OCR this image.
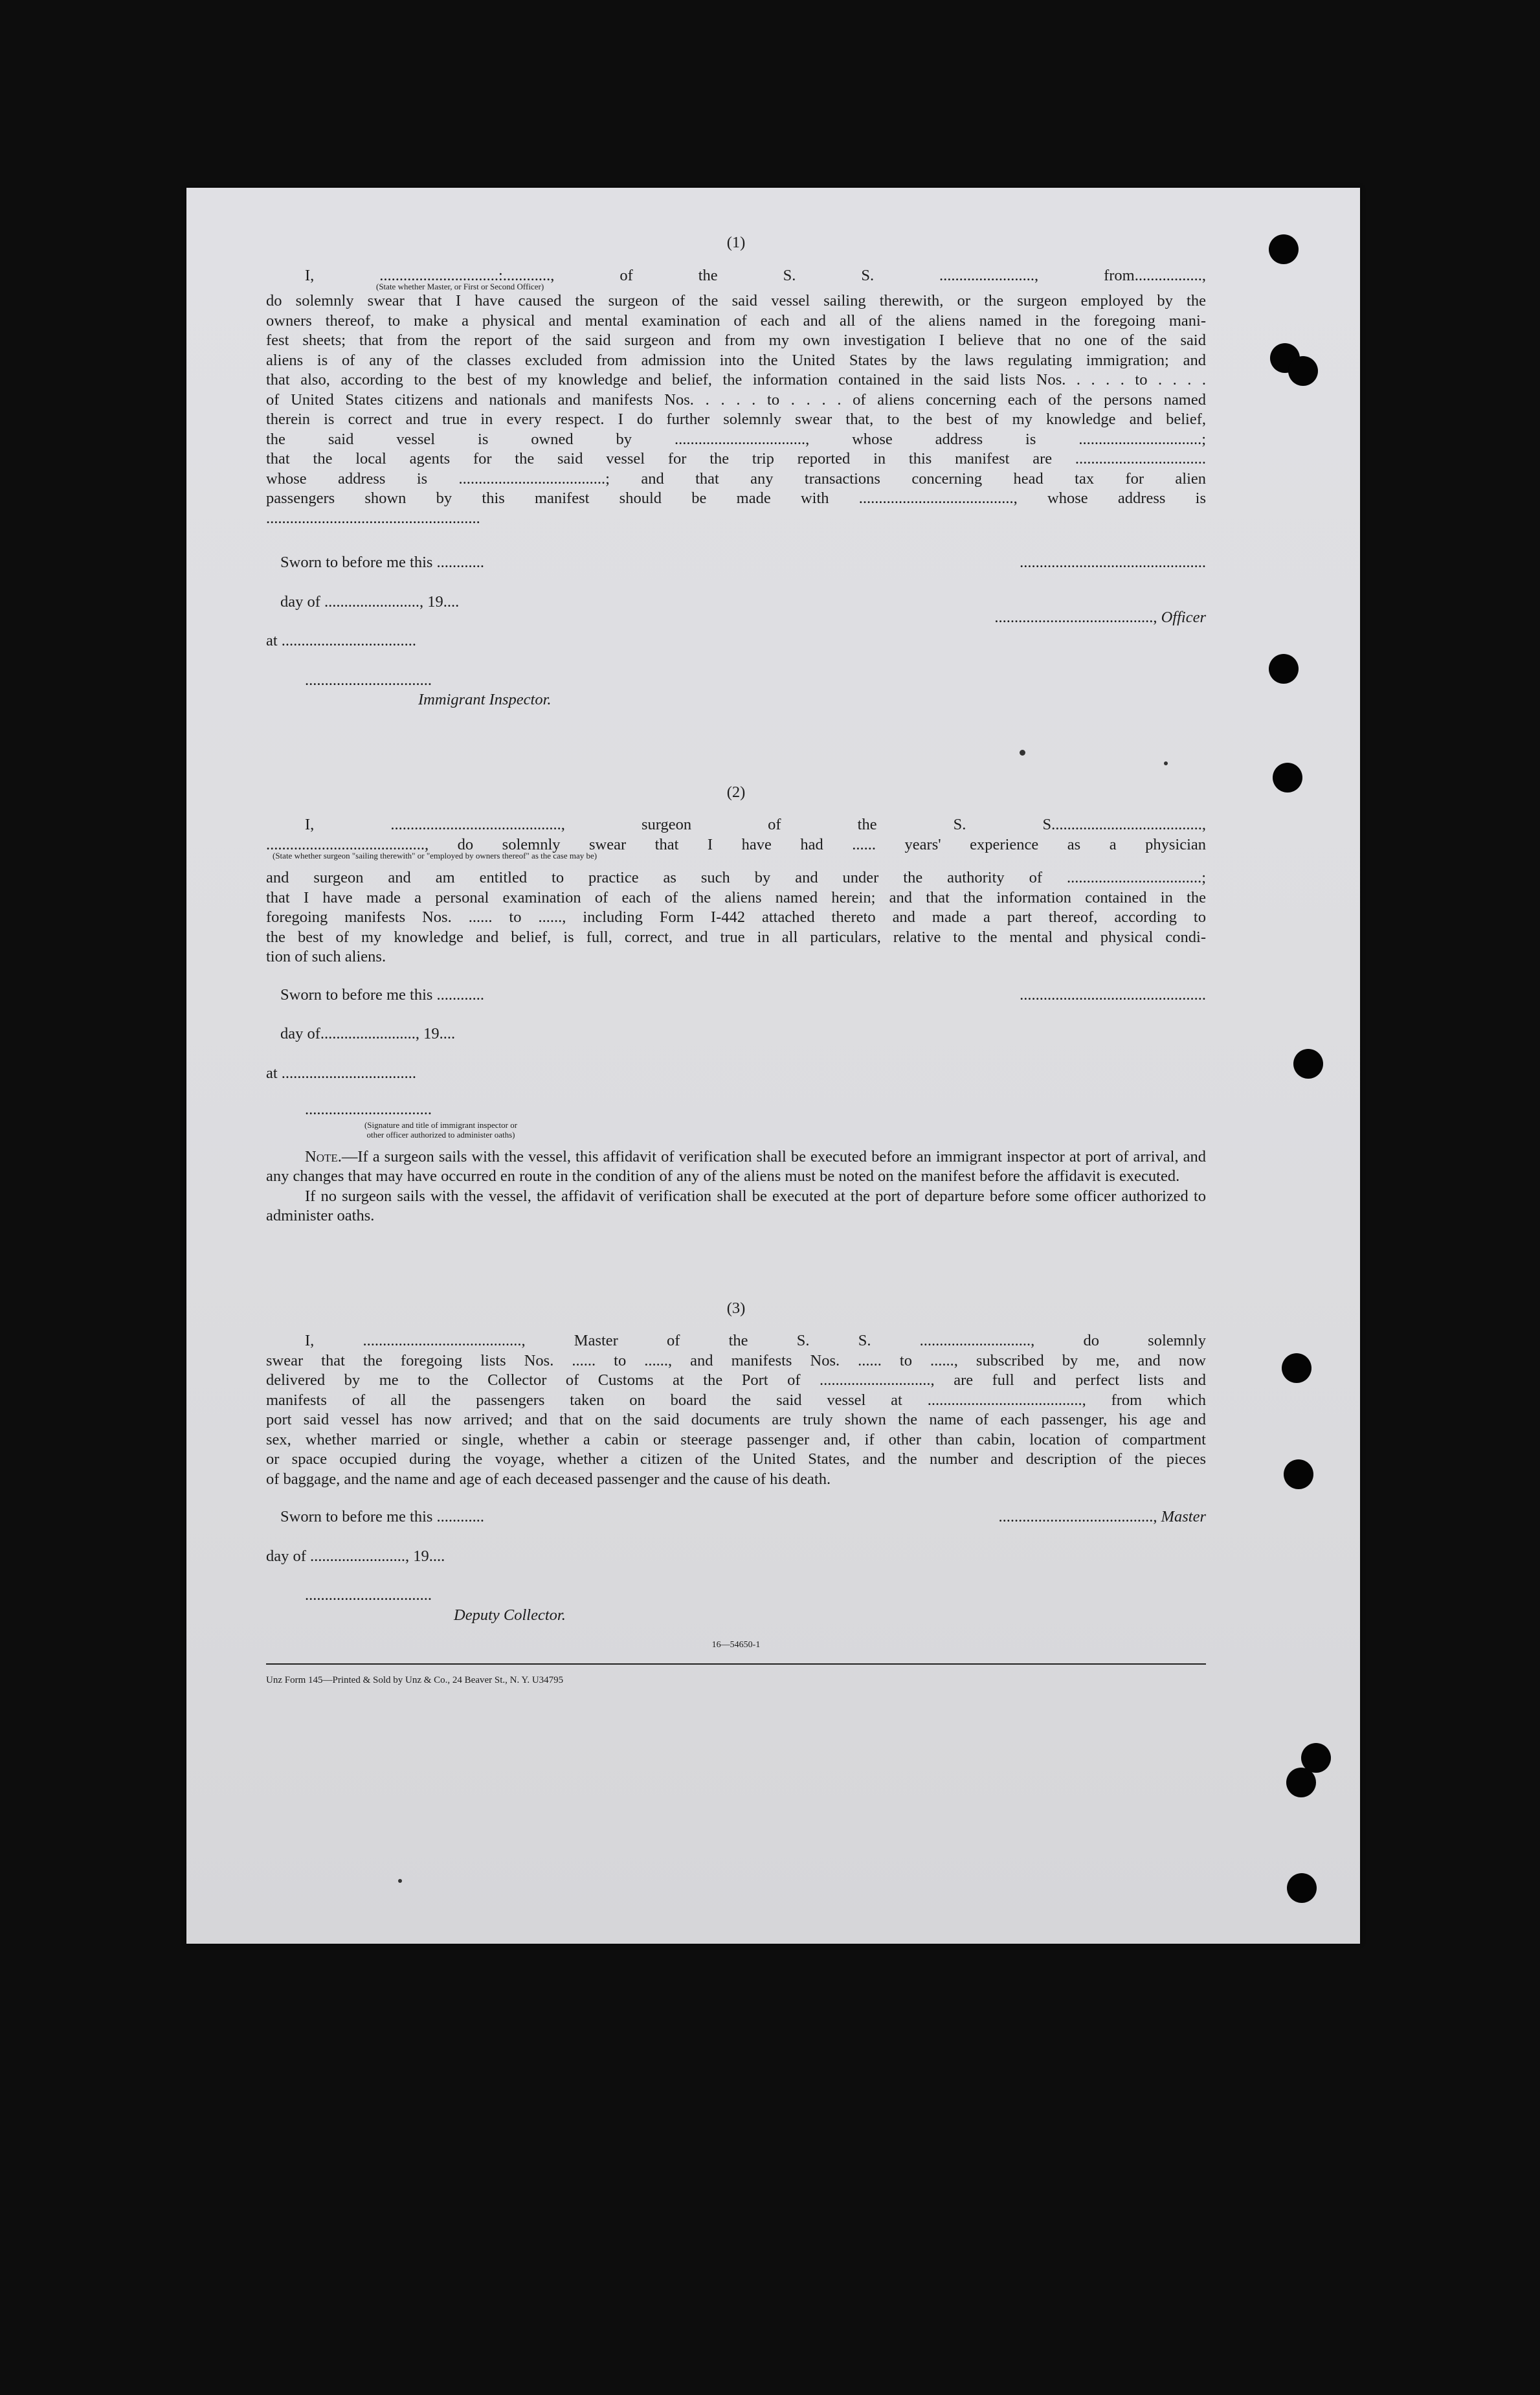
(1)

I, ..............................:............, of the S. S. ........................, from.................,

(State whether Master, or First or Second Officer)

do solemnly swear that I have caused the surgeon of the said vessel sailing therewith, or the surgeon employed by the

owners thereof, to make a physical and mental examination of each and all of the aliens named in the foregoing mani-

fest sheets; that from the report of the said surgeon and from my own investigation I believe that no one of the said

aliens is of any of the classes excluded from admission into the United States by the laws regulating immigration; and

that also, according to the best of my knowledge and belief, the information contained in the said lists Nos. . . . . to . . . .

of United States citizens and nationals and manifests Nos. . . . . to . . . . of aliens concerning each of the persons named

therein is correct and true in every respect. I do further solemnly swear that, to the best of my knowledge and belief,

the said vessel is owned by ................................., whose address is ...............................;

that the local agents for the said vessel for the trip reported in this manifest are .................................

whose address is .....................................; and that any transactions concerning head tax for alien

passengers shown by this manifest should be made with ......................................., whose address is

......................................................

Sworn to before me this ............	...............................................
day of ........................, 19....
........................................, Officer
at ..................................
................................
Immigrant Inspector.
(2)

I, ..........................................., surgeon of the S. S......................................,

........................................, do solemnly swear that I have had ...... years' experience as a physician

(State whether surgeon "sailing therewith" or "employed by owners thereof" as the case may be)

and surgeon and am entitled to practice as such by and under the authority of ..................................;

that I have made a personal examination of each of the aliens named herein; and that the information contained in the

foregoing manifests Nos. ...... to ......, including Form I-442 attached thereto and made a part thereof, according to

the best of my knowledge and belief, is full, correct, and true in all particulars, relative to the mental and physical condi-

tion of such aliens.

Sworn to before me this ............	...............................................
day of........................, 19....
at ..................................
................................
(Signature and title of immigrant inspector or
other officer authorized to administer oaths)

Note.—If a surgeon sails with the vessel, this affidavit of verification shall be executed before an immigrant inspector at port of arrival, and any changes that may have occurred en route in the condition of any of the aliens must be noted on the manifest before the affidavit is executed.

If no surgeon sails with the vessel, the affidavit of verification shall be executed at the port of departure before some officer authorized to administer oaths.

(3)

I, ........................................, Master of the S. S. ............................, do solemnly

swear that the foregoing lists Nos. ...... to ......, and manifests Nos. ...... to ......, subscribed by me, and now

delivered by me to the Collector of Customs at the Port of ............................, are full and perfect lists and

manifests of all the passengers taken on board the said vessel at ......................................., from which

port said vessel has now arrived; and that on the said documents are truly shown the name of each passenger, his age and

sex, whether married or single, whether a cabin or steerage passenger and, if other than cabin, location of compartment

or space occupied during the voyage, whether a citizen of the United States, and the number and description of the pieces

of baggage, and the name and age of each deceased passenger and the cause of his death.

Sworn to before me this ............	......................................., Master
day of ........................, 19....
................................
Deputy Collector.
16—54650-1
Unz Form 145—Printed & Sold by Unz & Co., 24 Beaver St., N. Y. U34795
